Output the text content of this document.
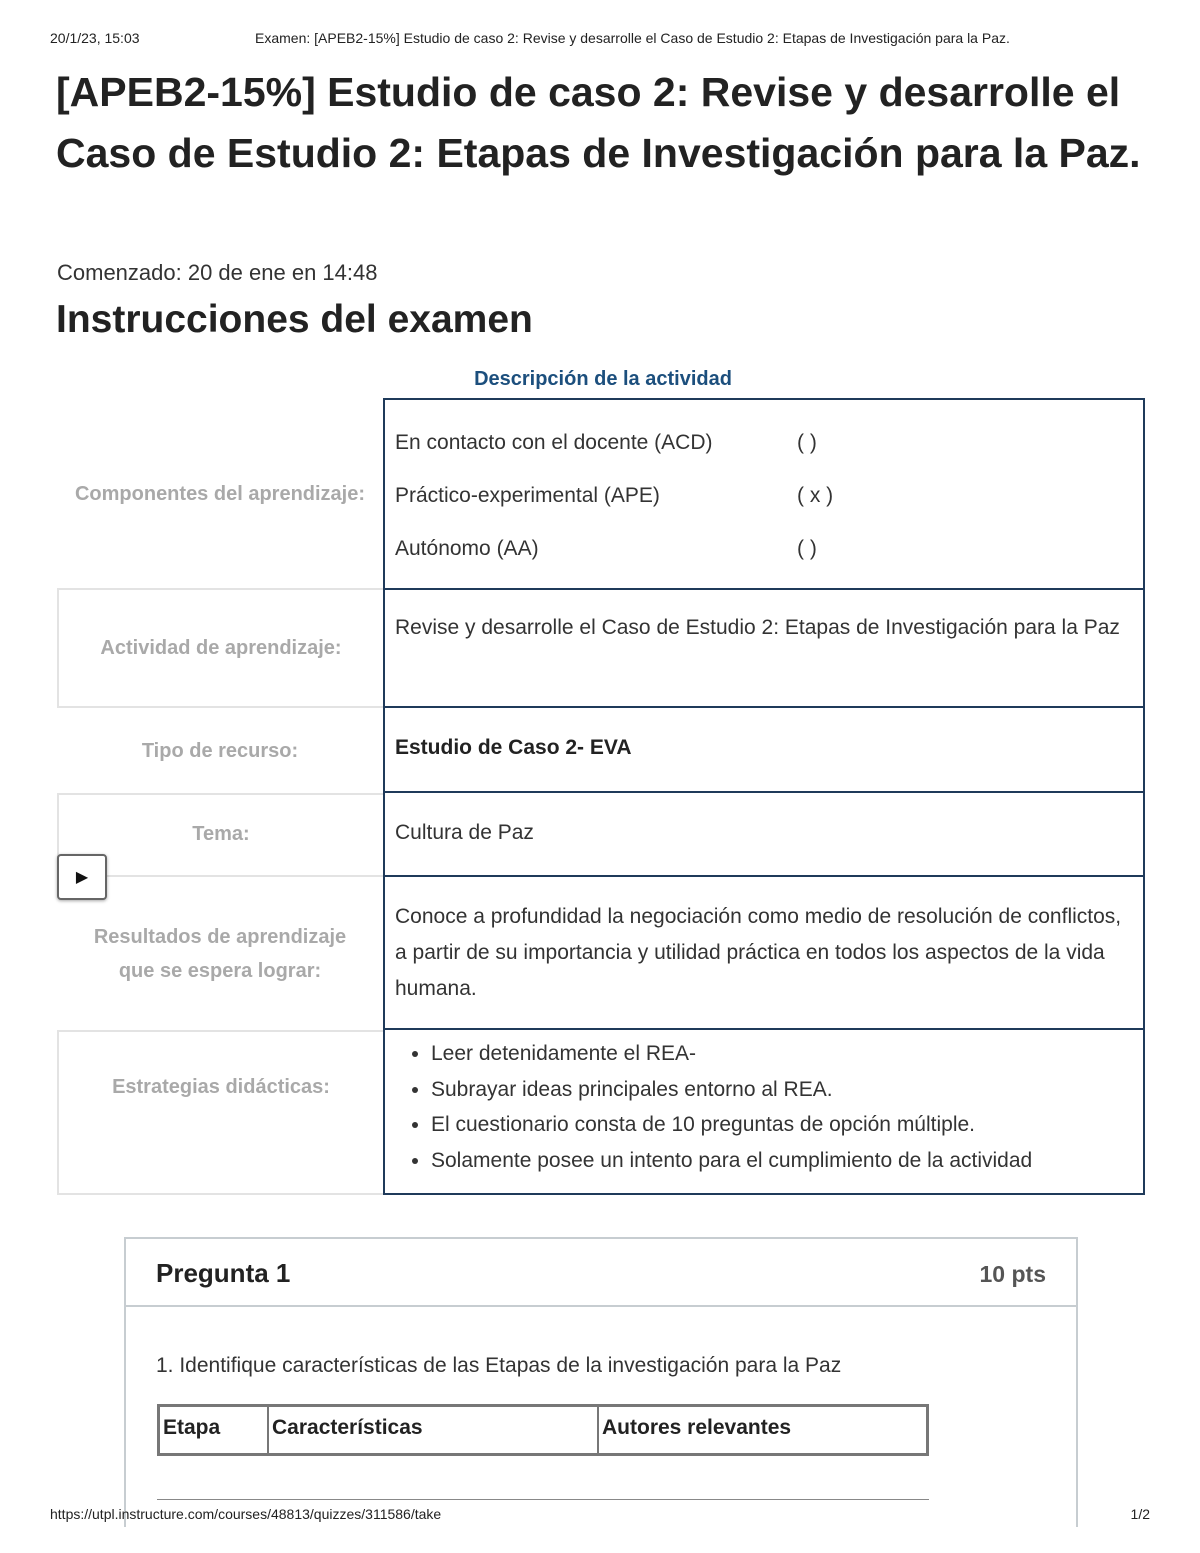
20/1/23, 15:03	Examen: [APEB2-15%] Estudio de caso 2: Revise y desarrolle el Caso de Estudio 2: Etapas de Investigación para la Paz.
[APEB2-15%] Estudio de caso 2: Revise y desarrolle el Caso de Estudio 2: Etapas de Investigación para la Paz.
Comenzado: 20 de ene en 14:48
Instrucciones del examen
Descripción de la actividad
Componentes del aprendizaje:
En contacto con el docente (ACD)	( )
Práctico-experimental (APE)	( x )
Autónomo (AA)	( )
Actividad de aprendizaje:
Revise y desarrolle el Caso de Estudio 2: Etapas de Investigación para la Paz
Tipo de recurso:	Estudio de Caso 2- EVA
Tema:	Cultura de Paz
Resultados de aprendizaje que se espera lograr:
Conoce a profundidad la negociación como medio de resolución de conflictos, a partir de su importancia y utilidad práctica en todos los aspectos de la vida humana.
Estrategias didácticas:
• Leer detenidamente el REA-
• Subrayar ideas principales entorno al REA.
• El cuestionario consta de 10 preguntas de opción múltiple.
• Solamente posee un intento para el cumplimiento de la actividad
▶
Pregunta 1	10 pts
1. Identifique características de las Etapas de la investigación para la Paz
Etapa	Características	Autores relevantes
https://utpl.instructure.com/courses/48813/quizzes/311586/take	1/2
